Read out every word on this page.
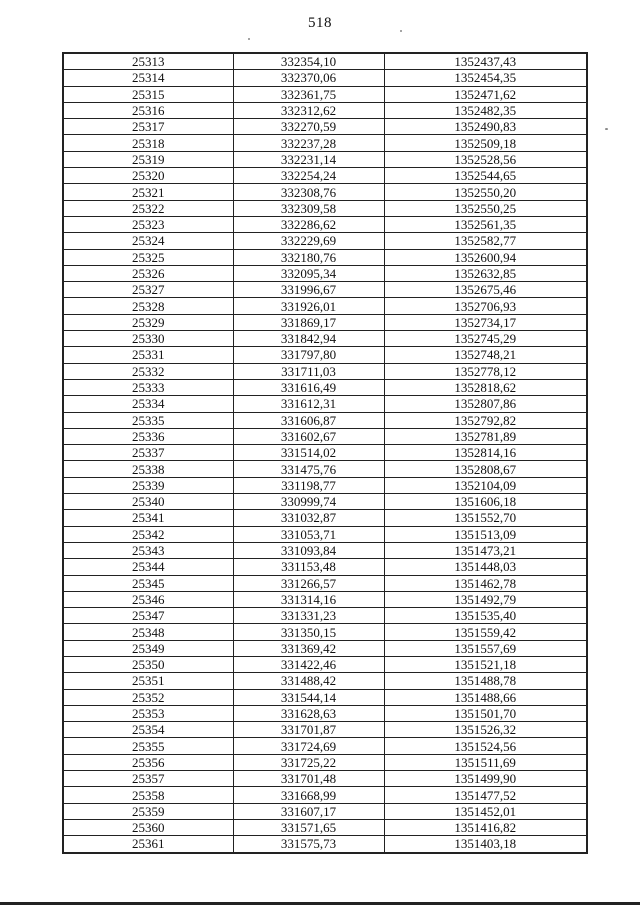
518
25313	332354,10	1352437,43
25314	332370,06	1352454,35
25315	332361,75	1352471,62
25316	332312,62	1352482,35
25317	332270,59	1352490,83
25318	332237,28	1352509,18
25319	332231,14	1352528,56
25320	332254,24	1352544,65
25321	332308,76	1352550,20
25322	332309,58	1352550,25
25323	332286,62	1352561,35
25324	332229,69	1352582,77
25325	332180,76	1352600,94
25326	332095,34	1352632,85
25327	331996,67	1352675,46
25328	331926,01	1352706,93
25329	331869,17	1352734,17
25330	331842,94	1352745,29
25331	331797,80	1352748,21
25332	331711,03	1352778,12
25333	331616,49	1352818,62
25334	331612,31	1352807,86
25335	331606,87	1352792,82
25336	331602,67	1352781,89
25337	331514,02	1352814,16
25338	331475,76	1352808,67
25339	331198,77	1352104,09
25340	330999,74	1351606,18
25341	331032,87	1351552,70
25342	331053,71	1351513,09
25343	331093,84	1351473,21
25344	331153,48	1351448,03
25345	331266,57	1351462,78
25346	331314,16	1351492,79
25347	331331,23	1351535,40
25348	331350,15	1351559,42
25349	331369,42	1351557,69
25350	331422,46	1351521,18
25351	331488,42	1351488,78
25352	331544,14	1351488,66
25353	331628,63	1351501,70
25354	331701,87	1351526,32
25355	331724,69	1351524,56
25356	331725,22	1351511,69
25357	331701,48	1351499,90
25358	331668,99	1351477,52
25359	331607,17	1351452,01
25360	331571,65	1351416,82
25361	331575,73	1351403,18
